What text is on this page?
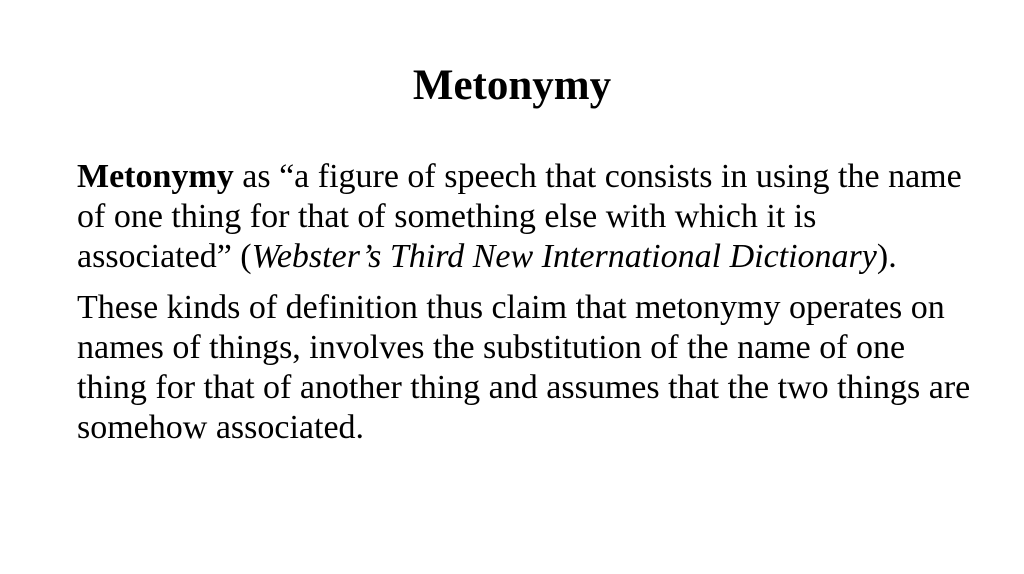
Metonymy

Metonymy as “a figure of speech that consists in using the name of one thing for that of something else with which it is associated” (Webster’s Third New International Dictionary).

These kinds of definition thus claim that metonymy operates on names of things, involves the substitution of the name of one thing for that of another thing and assumes that the two things are somehow associated.
